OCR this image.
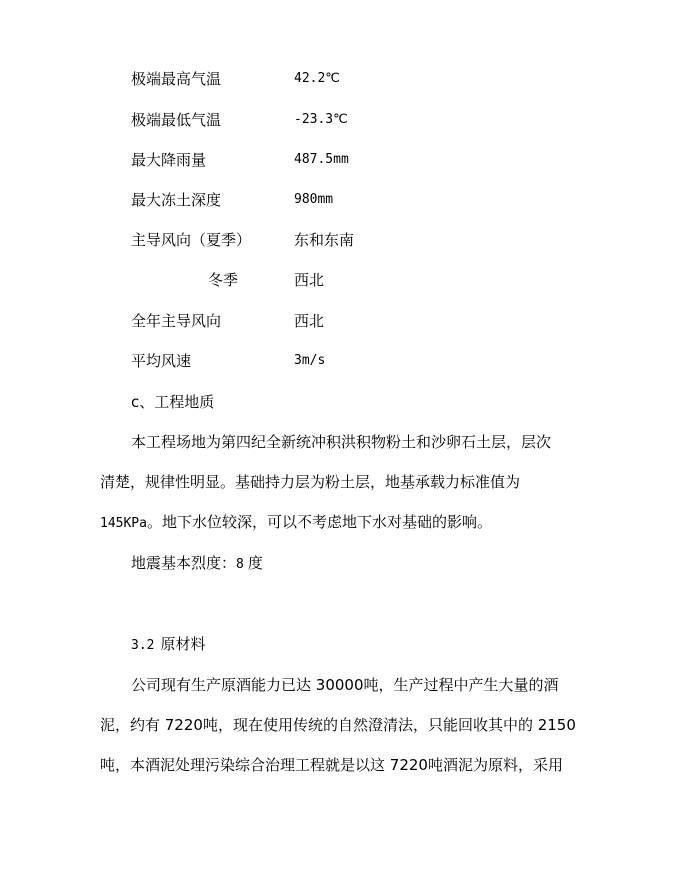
极端最高气温	42.2℃
极端最低气温	-23.3℃
最大降雨量	487.5mm
最大冻土深度	980mm
主导风向（夏季）	东和东南
冬季	西北
全年主导风向	西北
平均风速	3m/s
c、工程地质
本工程场地为第四纪全新统冲积洪积物粉土和沙卵石土层，层次
清楚，规律性明显。基础持力层为粉土层，地基承载力标准值为
145KPa。地下水位较深，可以不考虑地下水对基础的影响。
地震基本烈度：8 度
3.2 原材料
公司现有生产原酒能力已达 30000吨，生产过程中产生大量的酒
泥，约有 7220吨，现在使用传统的自然澄清法，只能回收其中的 2150
吨，本酒泥处理污染综合治理工程就是以这 7220吨酒泥为原料，采用
